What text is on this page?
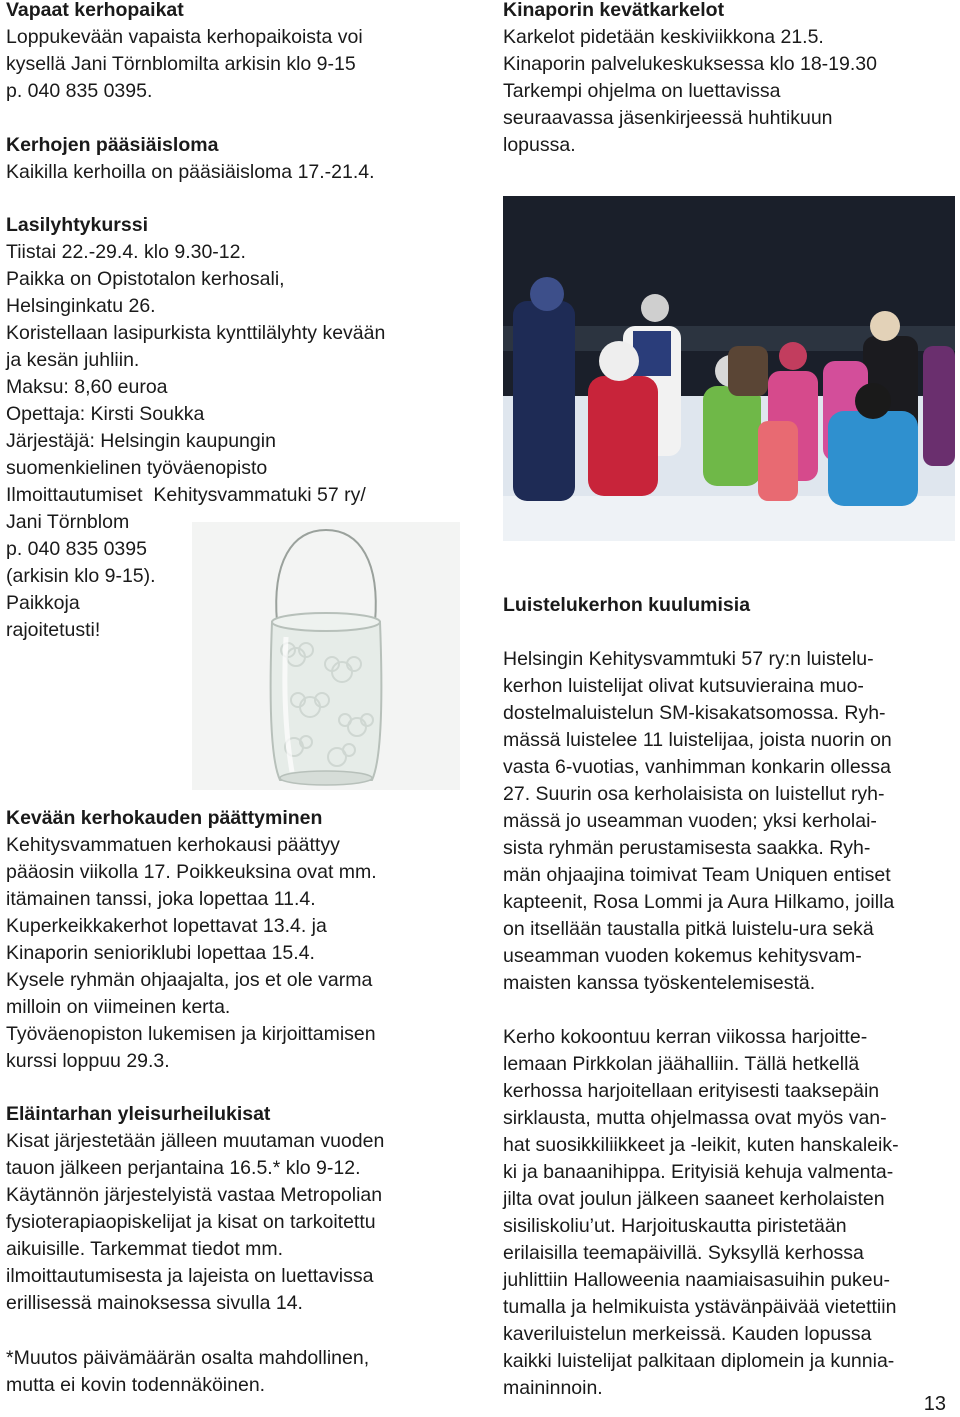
Vapaat kerhopaikat

Loppukevään vapaista kerhopaikoista voi

kysellä Jani Törnblomilta arkisin klo 9-15

p. 040 835 0395.

Kerhojen pääsiäisloma

Kaikilla kerhoilla on pääsiäisloma 17.-21.4.

Lasilyhtykurssi

Tiistai 22.-29.4. klo 9.30-12.

Paikka on Opistotalon kerhosali,

Helsinginkatu 26.

Koristellaan lasipurkista kynttilälyhty kevään

ja kesän juhliin.

Maksu: 8,60 euroa

Opettaja: Kirsti Soukka

Järjestäjä: Helsingin kaupungin

suomenkielinen työväenopisto

Ilmoittautumiset  Kehitysvammatuki 57 ry/

Jani Törnblom

p. 040 835 0395

(arkisin klo 9-15).

Paikkoja

rajoitetusti!

Kevään kerhokauden päättyminen

Kehitysvammatuen kerhokausi päättyy

pääosin viikolla 17. Poikkeuksina ovat mm.

itämainen tanssi, joka lopettaa 11.4.

Kuperkeikkakerhot lopettavat 13.4. ja

Kinaporin senioriklubi lopettaa 15.4.

Kysele ryhmän ohjaajalta, jos et ole varma

milloin on viimeinen kerta.

Työväenopiston lukemisen ja kirjoittamisen

kurssi loppuu 29.3.

Eläintarhan yleisurheilukisat

Kisat järjestetään jälleen muutaman vuoden

tauon jälkeen perjantaina 16.5.* klo 9-12.

Käytännön järjestelyistä vastaa Metropolian

fysioterapiaopiskelijat ja kisat on tarkoitettu

aikuisille. Tarkemmat tiedot mm.

ilmoittautumisesta ja lajeista on luettavissa

erillisessä mainoksessa sivulla 14.

*Muutos päivämäärän osalta mahdollinen,

mutta ei kovin todennäköinen.

Kinaporin kevätkarkelot

Karkelot pidetään keskiviikkona 21.5.

Kinaporin palvelukeskuksessa klo 18-19.30

Tarkempi ohjelma on luettavissa

seuraavassa jäsenkirjeessä huhtikuun

lopussa.

Luistelukerhon kuulumisia

Helsingin Kehitysvammtuki 57 ry:n luistelu-

kerhon luistelijat olivat kutsuvieraina muo-

dostelmaluistelun SM-kisakatsomossa. Ryh-

mässä luistelee 11 luistelijaa, joista nuorin on

vasta 6-vuotias, vanhimman konkarin ollessa

27. Suurin osa kerholaisista on luistellut ryh-

mässä jo useamman vuoden; yksi kerholai-

sista ryhmän perustamisesta saakka. Ryh-

män ohjaajina toimivat Team Uniquen entiset

kapteenit, Rosa Lommi ja Aura Hilkamo, joilla

on itsellään taustalla pitkä luistelu-ura sekä

useamman vuoden kokemus kehitysvam-

maisten kanssa työskentelemisestä.

Kerho kokoontuu kerran viikossa harjoitte-

lemaan Pirkkolan jäähalliin. Tällä hetkellä

kerhossa harjoitellaan erityisesti taaksepäin

sirklausta, mutta ohjelmassa ovat myös van-

hat suosikkiliikkeet ja -leikit, kuten hanskaleik-

ki ja banaanihippa. Erityisiä kehuja valmenta-

jilta ovat joulun jälkeen saaneet kerholaisten

sisiliskoliu’ut. Harjoituskautta piristetään

erilaisilla teemapäivillä. Syksyllä kerhossa

juhlittiin Halloweenia naamiaisasuihin pukeu-

tumalla ja helmikuista ystävänpäivää vietettiin

kaveriluistelun merkeissä. Kauden lopussa

kaikki luistelijat palkitaan diplomein ja kunnia-

maininnoin.

13
